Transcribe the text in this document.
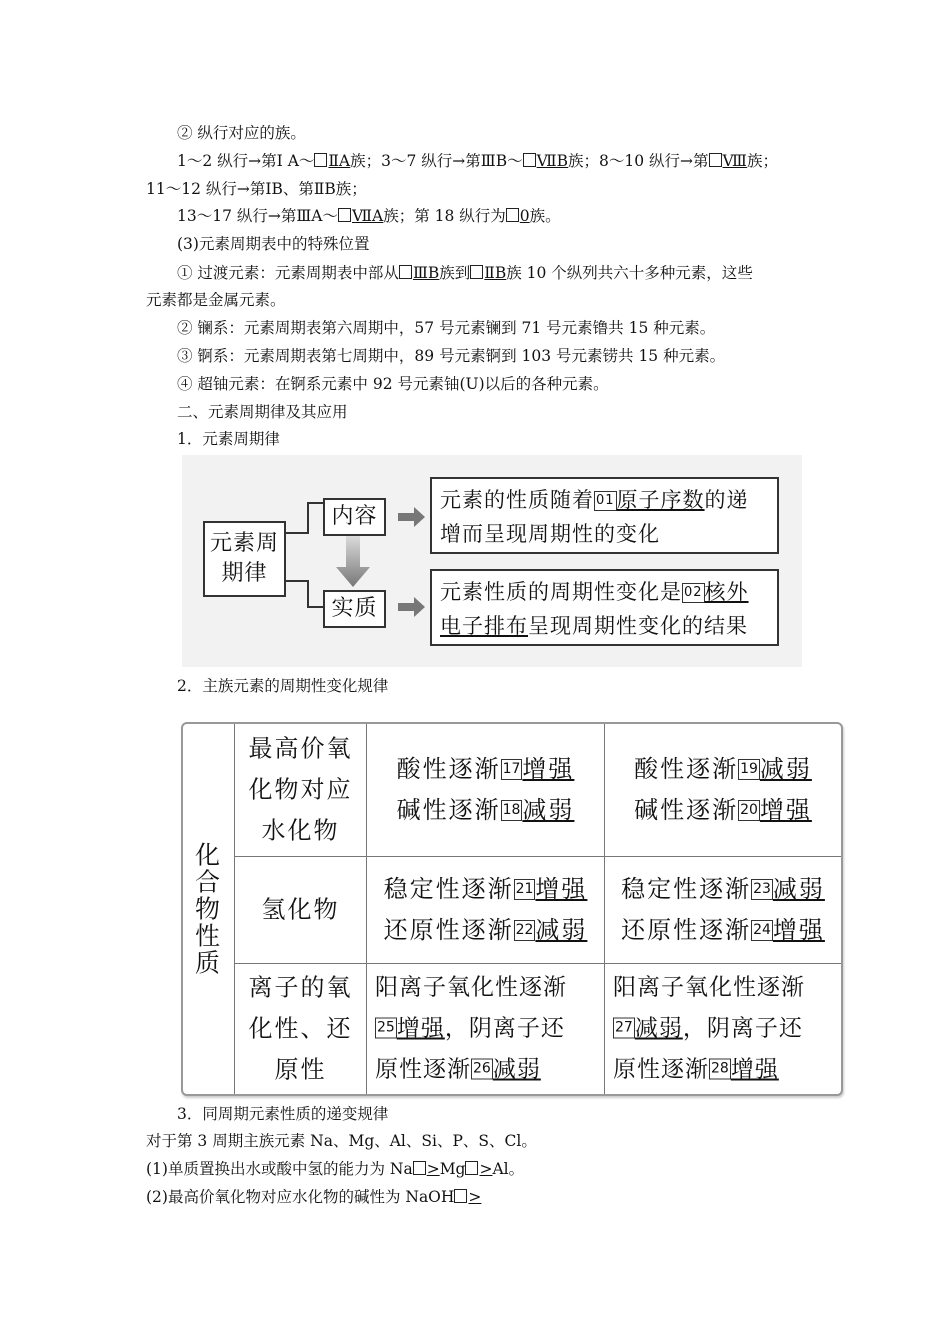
② 纵行对应的族。
1～2 纵行→第Ⅰ A～ ⅡA族；3～7 纵行→第ⅢB～ ⅦB族；8～10 纵行→第 Ⅷ族；
11～12 纵行→第ⅠB、第ⅡB族；
13～17 纵行→第ⅢA～ ⅦA族；第 18 纵行为 0族。
(3)元素周期表中的特殊位置
① 过渡元素：元素周期表中部从 ⅢB族到 ⅡB族 10 个纵列共六十多种元素，这些
元素都是金属元素。
② 镧系：元素周期表第六周期中，57 号元素镧到 71 号元素镥共 15 种元素。
③ 锕系：元素周期表第七周期中，89 号元素锕到 103 号元素铹共 15 种元素。
④ 超铀元素：在锕系元素中 92 号元素铀(U)以后的各种元素。
二、元素周期律及其应用
1．元素周期律
元素周
期律
内容
实质
元素的性质随着 01原子序数的递
增而呈现周期性的变化
元素性质的周期性变化是 02核外
电子排布呈现周期性变化的结果
2．主族元素的周期性变化规律
化
合
物
性
质
最高价氧
化物对应
水化物
酸性逐渐 17增强
碱性逐渐 18减弱
酸性逐渐 19减弱
碱性逐渐 20增强
氢化物
稳定性逐渐 21增强
还原性逐渐 22减弱
稳定性逐渐 23减弱
还原性逐渐 24增强
离子的氧
化性、还
原性
阳离子氧化性逐渐
25增强，阴离子还
原性逐渐 26减弱
阳离子氧化性逐渐
27减弱，阴离子还
原性逐渐 28增强
3．同周期元素性质的递变规律
对于第 3 周期主族元素 Na、Mg、Al、Si、P、S、Cl。
(1)单质置换出水或酸中氢的能力为 Na >Mg >Al。
(2)最高价氧化物对应水化物的碱性为 NaOH >
